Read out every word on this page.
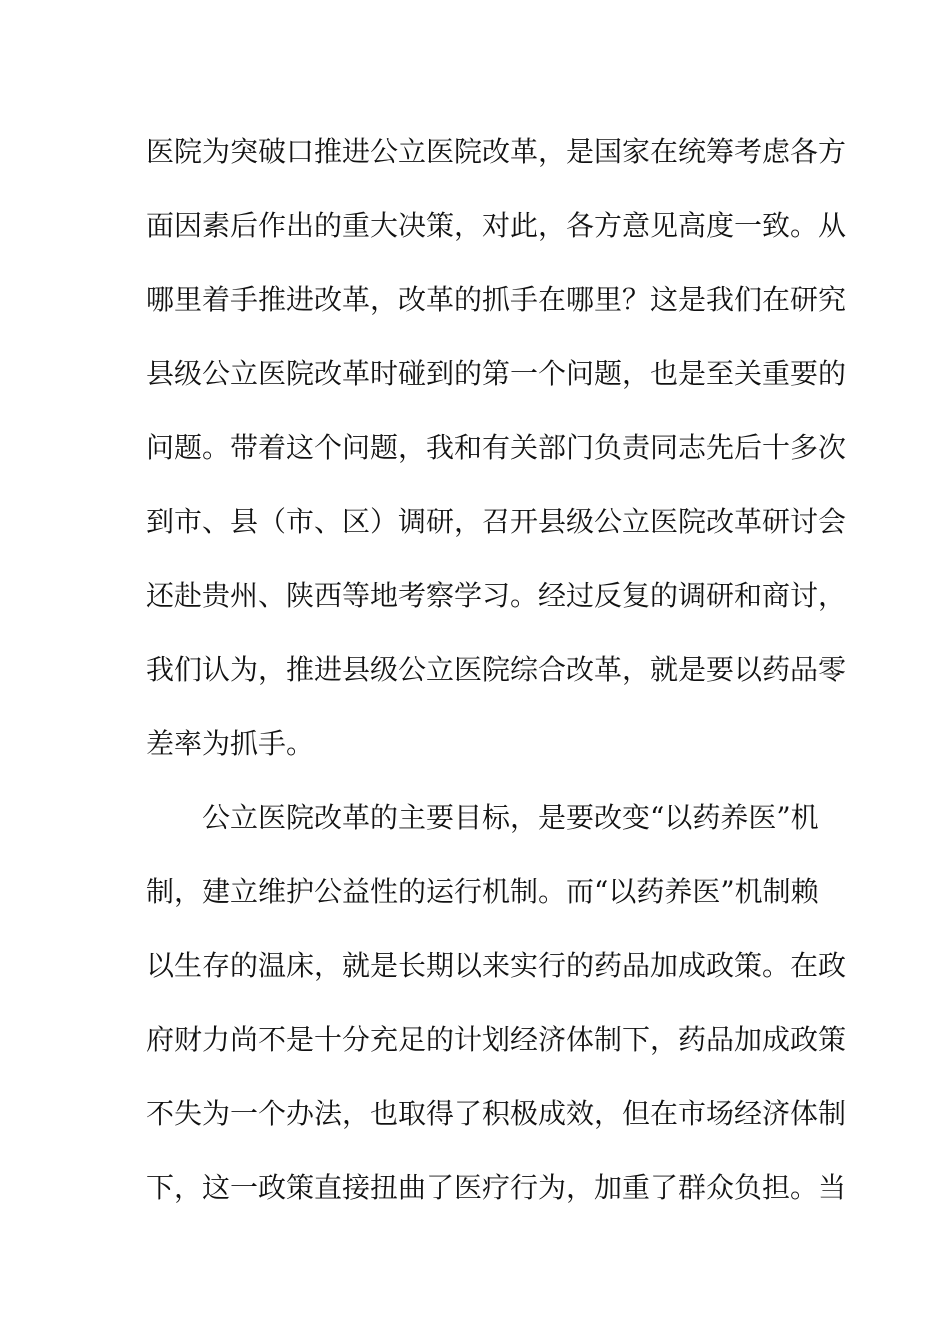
医院为突破口推进公立医院改革，是国家在统筹考虑各方
面因素后作出的重大决策，对此，各方意见高度一致。从
哪里着手推进改革，改革的抓手在哪里？这是我们在研究
县级公立医院改革时碰到的第一个问题，也是至关重要的
问题。带着这个问题，我和有关部门负责同志先后十多次
到市、县（市、区）调研，召开县级公立医院改革研讨会
还赴贵州、陕西等地考察学习。经过反复的调研和商讨，
我们认为，推进县级公立医院综合改革，就是要以药品零
差率为抓手。
公立医院改革的主要目标，是要改变“以药养医”机
制，建立维护公益性的运行机制。而“以药养医”机制赖
以生存的温床，就是长期以来实行的药品加成政策。在政
府财力尚不是十分充足的计划经济体制下，药品加成政策
不失为一个办法，也取得了积极成效，但在市场经济体制
下，这一政策直接扭曲了医疗行为，加重了群众负担。当
